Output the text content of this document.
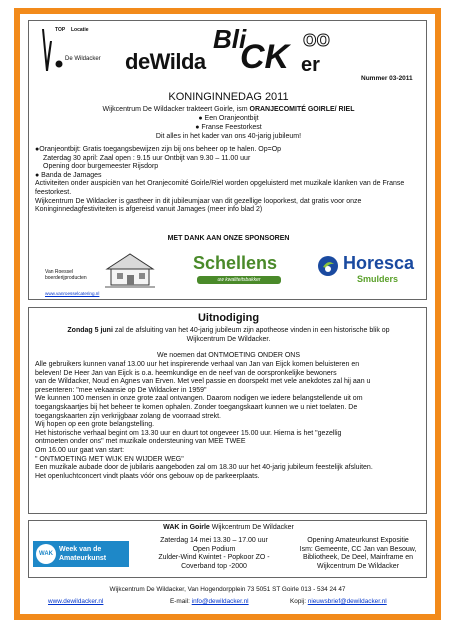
TOP Locatie
De Wildacker
Bli
deWilda CK er
oo
Nummer 03-2011
KONINGINNEDAG 2011
Wijkcentrum De Wildacker trakteert Goirle, ism ORANJECOMITÉ GOIRLE/ RIEL
● Een Oranjeontbijt
● Franse Feestorkest
Dit alles in het kader van ons 40-jarig jubileum!
●Oranjeontbijt: Gratis toegangsbewijzen zijn bij ons beheer op te halen. Op=Op
Zaterdag 30 april: Zaal open : 9.15 uur Ontbijt van 9.30 – 11.00 uur
Opening door burgemeester Rijsdorp
● Banda de Jamages
Activiteiten onder auspiciën van het Oranjecomité Goirle/Riel worden opgeluisterd met muzikale klanken van de Franse feestorkest.
Wijkcentrum De Wildacker is gastheer in dit jubileumjaar van dit gezellige looporkest, dat gratis voor onze Koninginnedagfestiviteiten is afgereisd vanuit Jamages (meer info blad 2)
MET DANK AAN ONZE SPONSOREN
Van Roessel
boerderijproducten
www.vanroesselcatering.nl
Schellens
uw kwaliteitsbakker
Horesca
Smulders
Uitnodiging
Zondag 5 juni zal de afsluiting van het 40-jarig jubileum zijn apotheose vinden in een historische blik op
Wijkcentrum De Wildacker.
We noemen dat ONTMOETING ONDER ONS
Alle gebruikers kunnen vanaf 13.00 uur het inspirerende verhaal van Jan van Eijck komen beluisteren en
beleven! De Heer Jan van Eijck is o.a. heemkundige en de neef van de oorspronkelijke bewoners
van de Wildacker, Noud en Agnes van Erven. Met veel passie en doorspekt met vele anekdotes zal hij aan u
presenteren: "mee vekaansie op De Wildacker in 1959"
We kunnen 100 mensen in onze grote zaal ontvangen. Daarom nodigen we iedere belangstellende uit om
toegangskaartjes bij het beheer te komen ophalen. Zonder toegangskaart kunnen we u niet toelaten. De
toegangskaarten zijn verkrijgbaar zolang de voorraad strekt.
Wij hopen op een grote belangstelling.
Het historische verhaal begint om 13.30 uur en duurt tot ongeveer 15.00 uur. Hierna is het "gezellig
ontmoeten onder ons" met muzikale ondersteuning van MEE TWEE
Om 16.00 uur gaat van start:
" ONTMOETING MET WIJK EN WIJDER WEG"
Een muzikale aubade door de jubilaris aangeboden zal om 18.30 uur het 40-jarig jubileum feestelijk afsluiten.
Het openluchtconcert vindt plaats vóór ons gebouw op de parkeerplaats.
WAK in Goirle Wijkcentrum De Wildacker
WAK
Week van de
Amateurkunst
Zaterdag 14 mei 13.30 – 17.00 uur
Open Podium
Zulder-Wind Kwintet - Popkoor ZO -
Coverband top -2000
Opening Amateurkunst Expositie
Ism: Gemeente, CC Jan van Besouw,
Bibliotheek, De Deel, Mainframe en
Wijkcentrum De Wildacker
Wijkcentrum De Wildacker, Van Hogendorpplein 73 5051 ST Goirle 013 - 534 24 47
www.dewildacker.nl	E-mail: info@dewildacker.nl	Kopij: nieuwsbrief@dewildacker.nl
